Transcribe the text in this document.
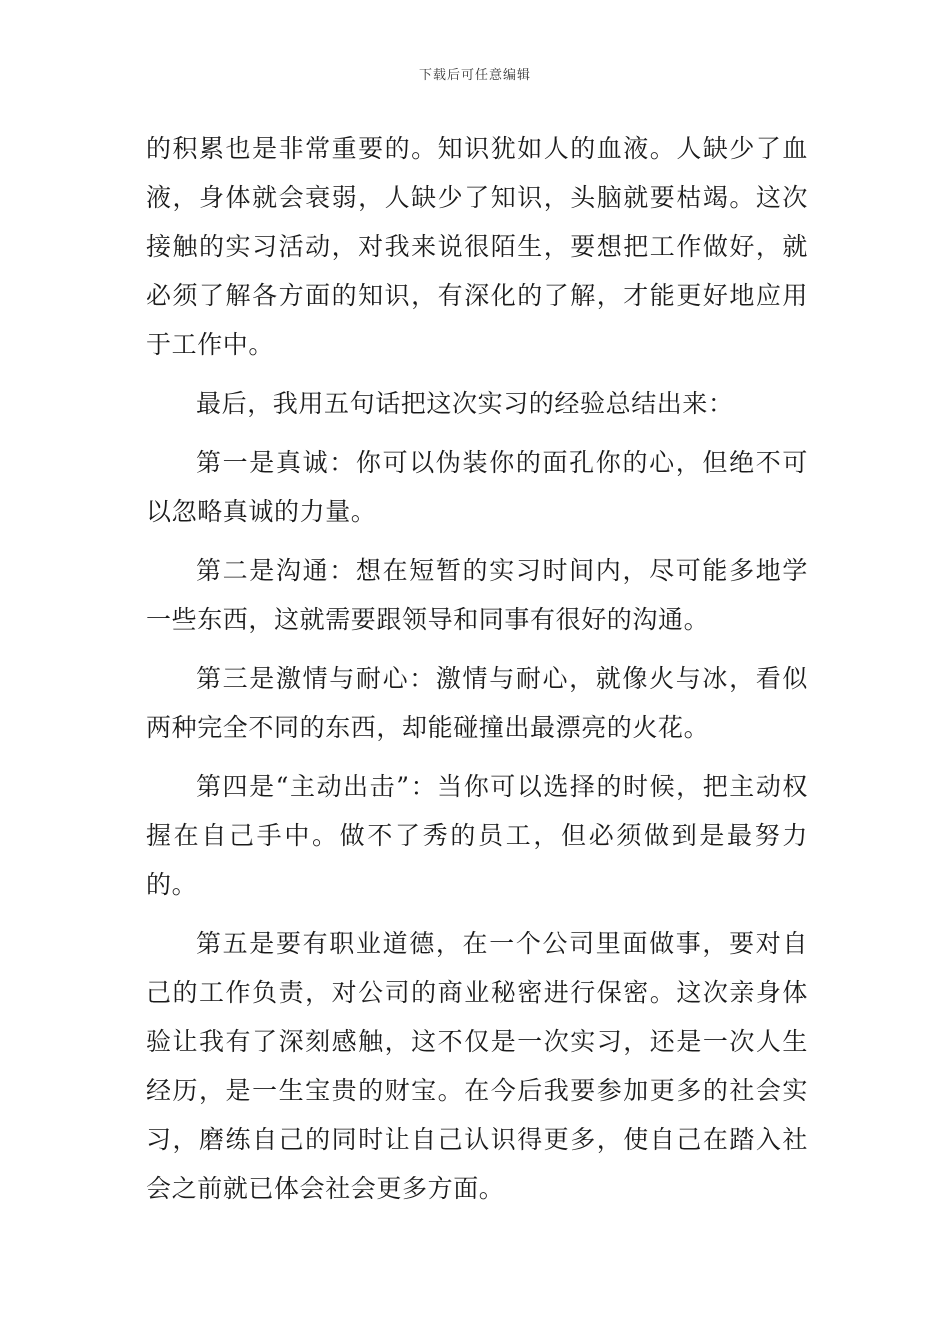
下载后可任意编辑

的积累也是非常重要的。知识犹如人的血液。人缺少了血液，身体就会衰弱，人缺少了知识，头脑就要枯竭。这次接触的实习活动，对我来说很陌生，要想把工作做好，就必须了解各方面的知识，有深化的了解，才能更好地应用于工作中。

最后，我用五句话把这次实习的经验总结出来：

第一是真诚：你可以伪装你的面孔你的心，但绝不可以忽略真诚的力量。

第二是沟通：想在短暂的实习时间内，尽可能多地学一些东西，这就需要跟领导和同事有很好的沟通。

第三是激情与耐心：激情与耐心，就像火与冰，看似两种完全不同的东西，却能碰撞出最漂亮的火花。

第四是“主动出击”：当你可以选择的时候，把主动权握在自己手中。做不了秀的员工，但必须做到是最努力的。

第五是要有职业道德，在一个公司里面做事，要对自己的工作负责，对公司的商业秘密进行保密。这次亲身体验让我有了深刻感触，这不仅是一次实习，还是一次人生经历，是一生宝贵的财宝。在今后我要参加更多的社会实习，磨练自己的同时让自己认识得更多，使自己在踏入社会之前就已体会社会更多方面。
